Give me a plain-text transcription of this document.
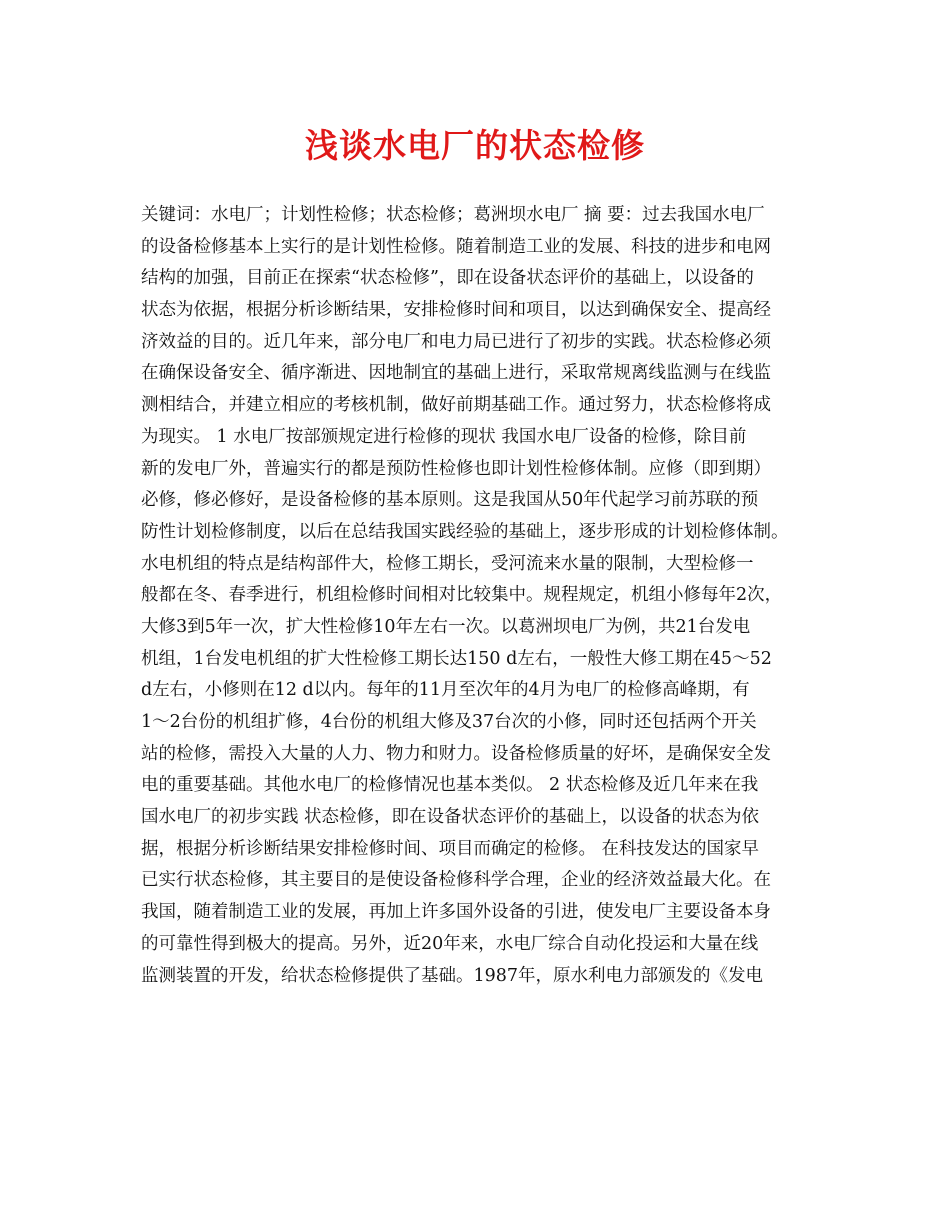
浅谈水电厂的状态检修
关键词：水电厂；计划性检修；状态检修；葛洲坝水电厂 摘 要：过去我国水电厂
的设备检修基本上实行的是计划性检修。随着制造工业的发展、科技的进步和电网
结构的加强，目前正在探索“状态检修”，即在设备状态评价的基础上，以设备的
状态为依据，根据分析诊断结果，安排检修时间和项目，以达到确保安全、提高经
济效益的目的。近几年来，部分电厂和电力局已进行了初步的实践。状态检修必须
在确保设备安全、循序渐进、因地制宜的基础上进行，采取常规离线监测与在线监
测相结合，并建立相应的考核机制，做好前期基础工作。通过努力，状态检修将成
为现实。 1 水电厂按部颁规定进行检修的现状 我国水电厂设备的检修，除目前
新的发电厂外，普遍实行的都是预防性检修也即计划性检修体制。应修（即到期）
必修，修必修好，是设备检修的基本原则。这是我国从50年代起学习前苏联的预
防性计划检修制度，以后在总结我国实践经验的基础上，逐步形成的计划检修体制。
水电机组的特点是结构部件大，检修工期长，受河流来水量的限制，大型检修一
般都在冬、春季进行，机组检修时间相对比较集中。规程规定，机组小修每年2次，
大修3到5年一次，扩大性检修10年左右一次。以葛洲坝电厂为例，共21台发电
机组，1台发电机组的扩大性检修工期长达150 d左右，一般性大修工期在45～52
d左右，小修则在12 d以内。每年的11月至次年的4月为电厂的检修高峰期，有
1～2台份的机组扩修，4台份的机组大修及37台次的小修，同时还包括两个开关
站的检修，需投入大量的人力、物力和财力。设备检修质量的好坏，是确保安全发
电的重要基础。其他水电厂的检修情况也基本类似。 2 状态检修及近几年来在我
国水电厂的初步实践 状态检修，即在设备状态评价的基础上，以设备的状态为依
据，根据分析诊断结果安排检修时间、项目而确定的检修。 在科技发达的国家早
已实行状态检修，其主要目的是使设备检修科学合理，企业的经济效益最大化。在
我国，随着制造工业的发展，再加上许多国外设备的引进，使发电厂主要设备本身
的可靠性得到极大的提高。另外，近20年来，水电厂综合自动化投运和大量在线
监测装置的开发，给状态检修提供了基础。1987年，原水利电力部颁发的《发电
